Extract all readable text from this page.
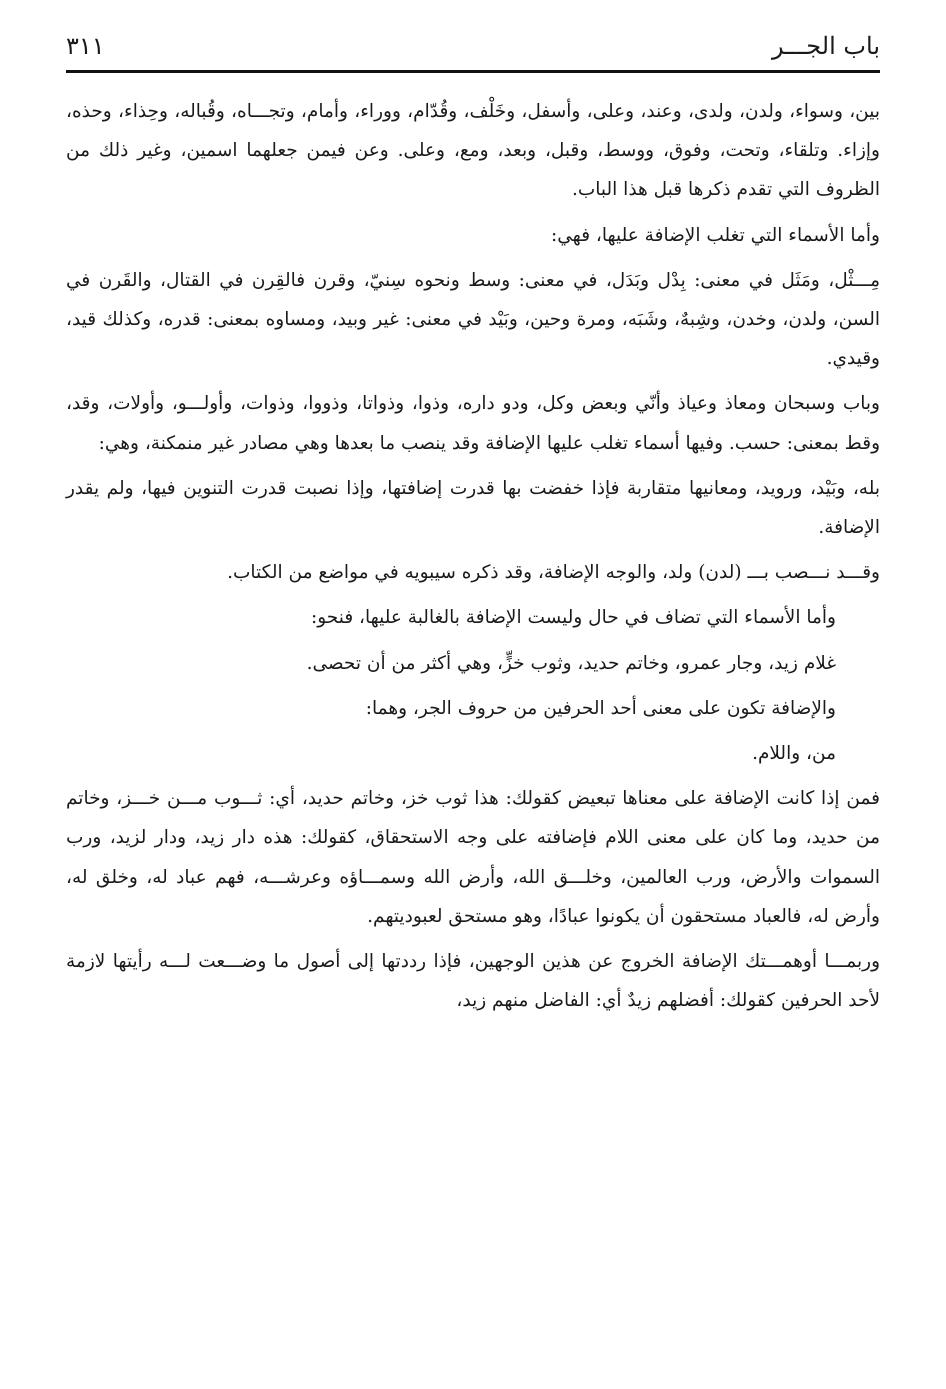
باب الجـــر
٣١١

بين، وسواء، ولدن، ولدى، وعند، وعلى، وأسفل، وخَلْف، وقُدّام، ووراء، وأمام، وتجـــاه، وقُباله، وحِذاء، وحذه، وإزاء. وتلقاء، وتحت، وفوق، ووسط، وقبل، وبعد، ومع، وعلى. وعن فيمن جعلهما اسمين، وغير ذلك من الظروف التي تقدم ذكرها قبل هذا الباب.

وأما الأسماء التي تغلب الإضافة عليها، فهي:

مِـــثْل، ومَثَل في معنى: بِدْل وبَدَل، في معنى: وسط ونحوه سِنيّ، وقرن فالقِرن في القتال، والقَرن في السن، ولدن، وخدن، وشِبهٌ، وشَبَه، ومرة وحين، وبَيْد في معنى: غير وبيد، ومساوه بمعنى: قدره، وكذلك قيد، وقيدي.

وباب وسبحان ومعاذ وعياذ وأنّي وبعض وكل، ودو داره، وذوا، وذواتا، وذووا، وذوات، وأولـــو، وأولات، وقد، وقط بمعنى: حسب. وفيها أسماء تغلب عليها الإضافة وقد ينصب ما بعدها وهي مصادر غير منمكنة، وهي:

بله، وبَيْد، ورويد، ومعانيها متقاربة فإذا خفضت بها قدرت إضافتها، وإذا نصبت قدرت التنوين فيها، ولم يقدر الإضافة.

وقـــد نـــصب بـــ (لدن) ولد، والوجه الإضافة، وقد ذكره سيبويه في مواضع من الكتاب.

وأما الأسماء التي تضاف في حال وليست الإضافة بالغالبة عليها، فنحو:

غلام زيد، وجار عمرو، وخاتم حديد، وثوب خزٍّ، وهي أكثر من أن تحصى.

والإضافة تكون على معنى أحد الحرفين من حروف الجر، وهما:

من، واللام.

فمن إذا كانت الإضافة على معناها تبعيض كقولك: هذا ثوب خز، وخاتم حديد، أي: ثـــوب مـــن خـــز، وخاتم من حديد، وما كان على معنى اللام فإضافته على وجه الاستحقاق، كقولك: هذه دار زيد، ودار لزيد، ورب السموات والأرض، ورب العالمين، وخلـــق الله، وأرض الله وسمـــاؤه وعرشـــه، فهم عباد له، وخلق له، وأرض له، فالعباد مستحقون أن يكونوا عبادًا، وهو مستحق لعبوديتهم.

وربمـــا أوهمـــتك الإضافة الخروج عن هذين الوجهين، فإذا رددتها إلى أصول ما وضـــعت لـــه رأيتها لازمة لأحد الحرفين كقولك: أفضلهم زيدٌ أي: الفاضل منهم زيد،
